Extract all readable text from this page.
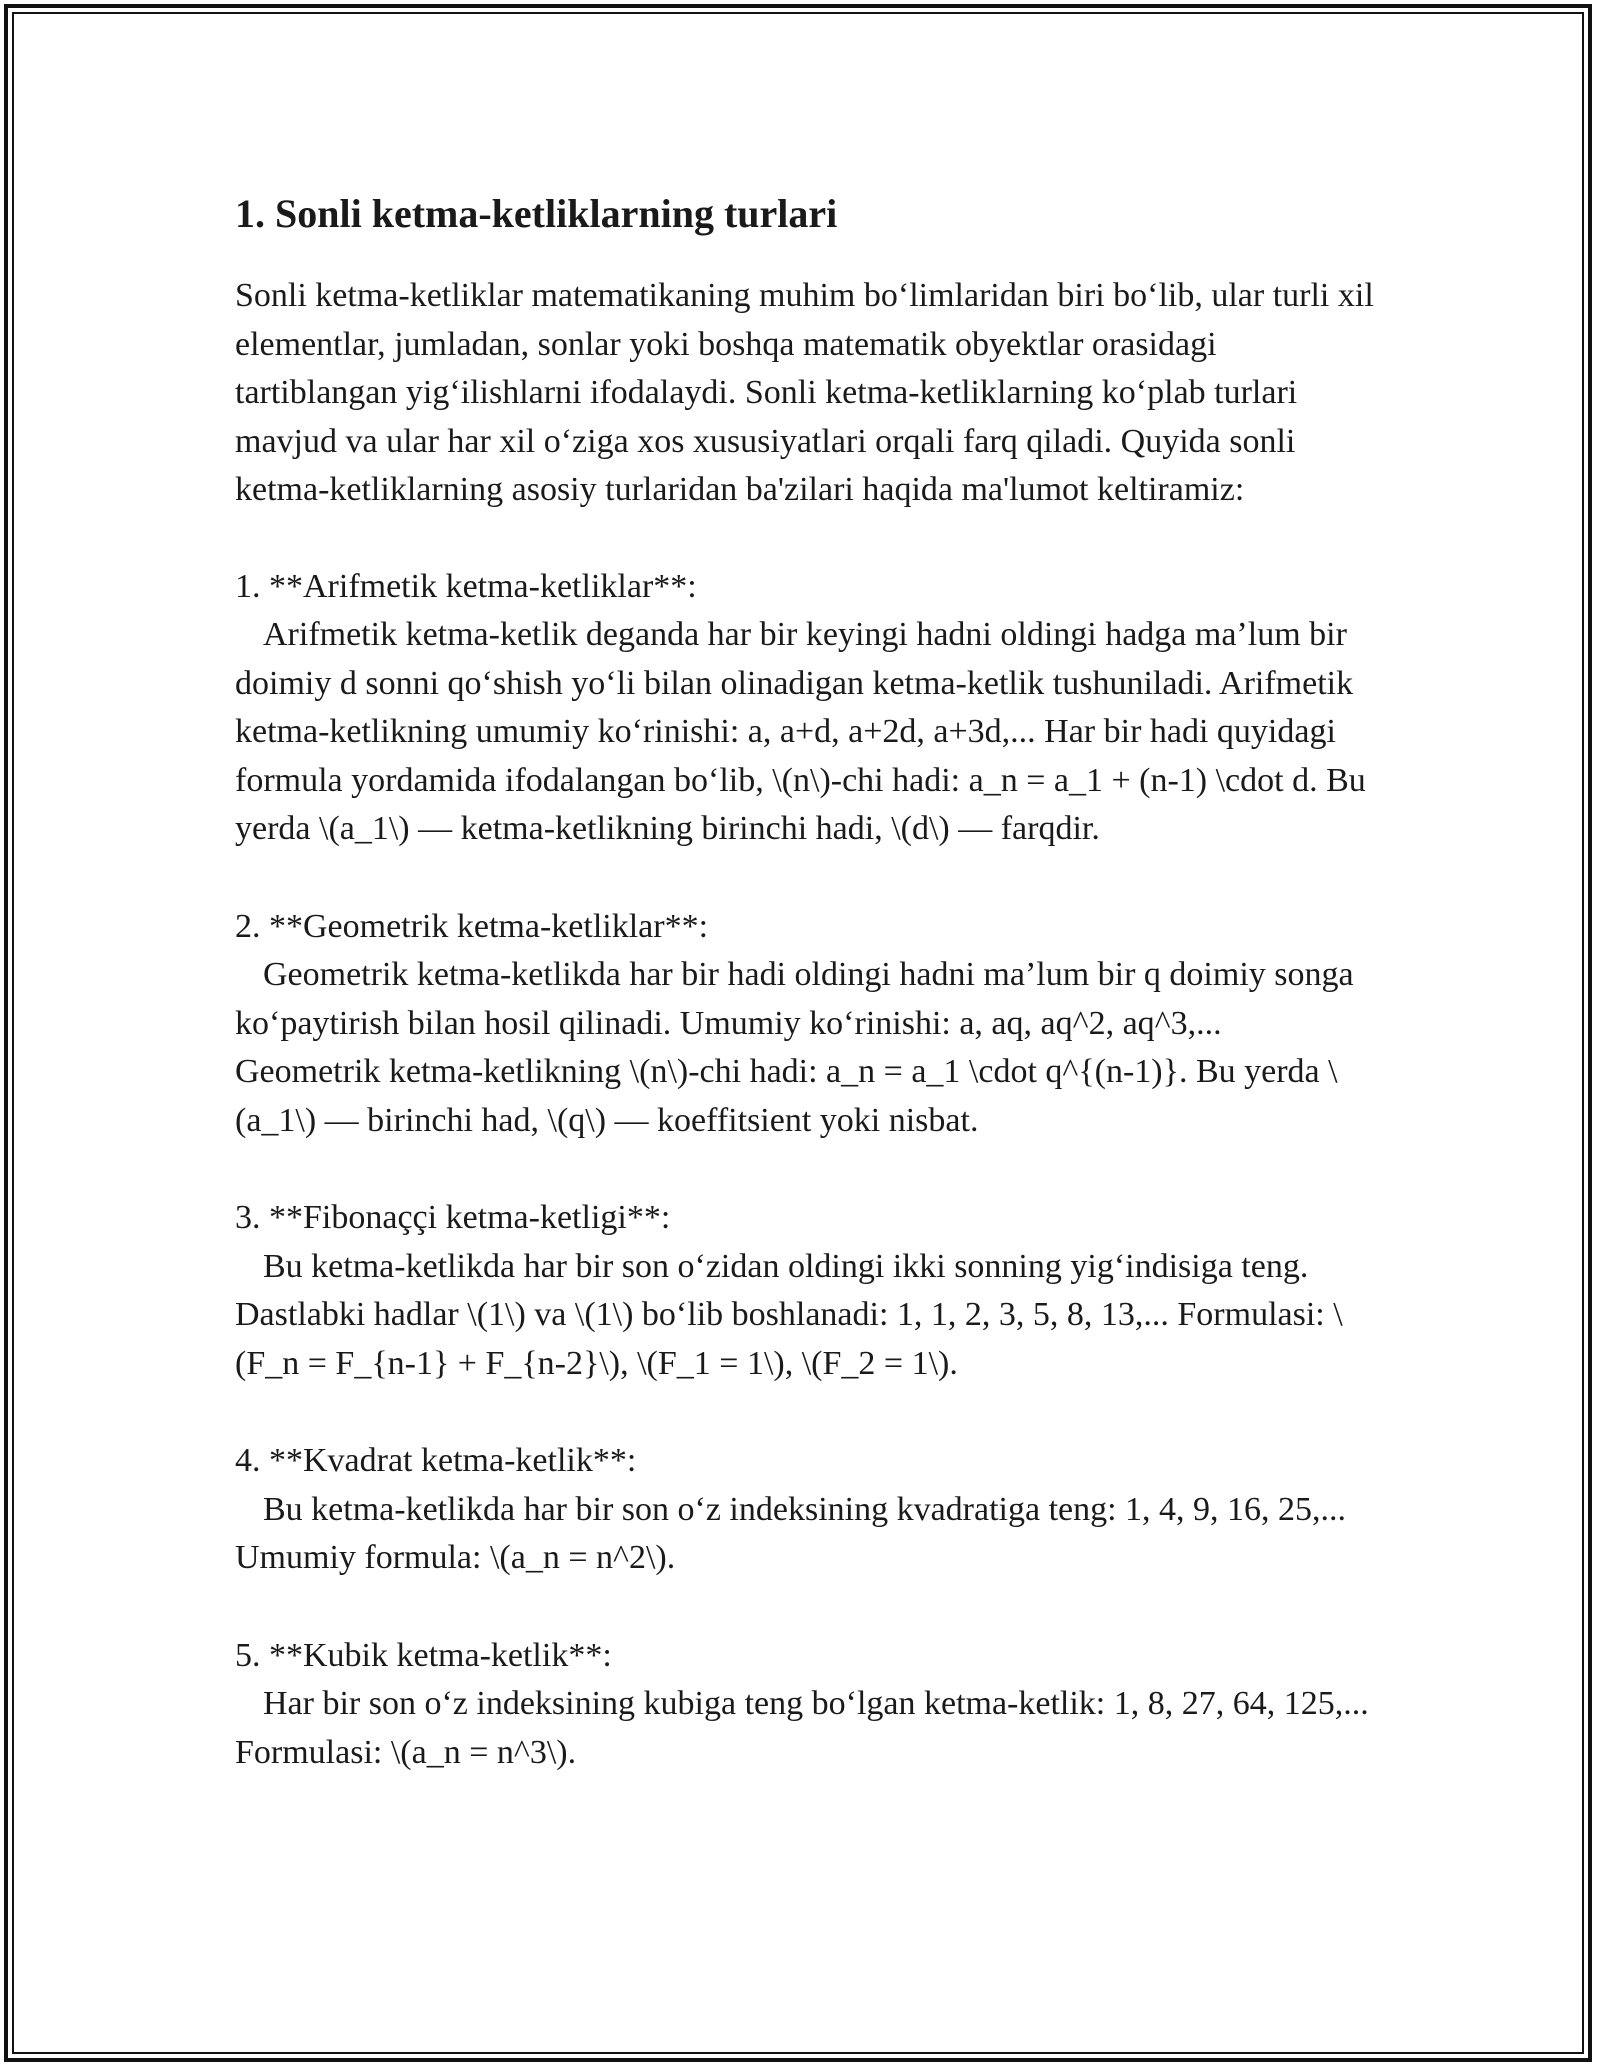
1. Sonli ketma-ketliklarning turlari

Sonli ketma-ketliklar matematikaning muhim bo‘limlaridan biri bo‘lib, ular turli xil elementlar, jumladan, sonlar yoki boshqa matematik obyektlar orasidagi tartiblangan yig‘ilishlarni ifodalaydi. Sonli ketma-ketliklarning ko‘plab turlari mavjud va ular har xil o‘ziga xos xususiyatlari orqali farq qiladi. Quyida sonli ketma-ketliklarning asosiy turlaridan ba'zilari haqida ma'lumot keltiramiz:

1. **Arifmetik ketma-ketliklar**:

Arifmetik ketma-ketlik deganda har bir keyingi hadni oldingi hadga ma’lum bir doimiy d sonni qo‘shish yo‘li bilan olinadigan ketma-ketlik tushuniladi. Arifmetik ketma-ketlikning umumiy ko‘rinishi: a, a+d, a+2d, a+3d,... Har bir hadi quyidagi formula yordamida ifodalangan bo‘lib, \(n\)-chi hadi: a_n = a_1 + (n-1) \cdot d. Bu yerda \(a_1\) — ketma-ketlikning birinchi hadi, \(d\) — farqdir.

2. **Geometrik ketma-ketliklar**:

Geometrik ketma-ketlikda har bir hadi oldingi hadni ma’lum bir q doimiy songa ko‘paytirish bilan hosil qilinadi. Umumiy ko‘rinishi: a, aq, aq^2, aq^3,... Geometrik ketma-ketlikning \(n\)-chi hadi: a_n = a_1 \cdot q^{(n-1)}. Bu yerda \(a_1\) — birinchi had, \(q\) — koeffitsient yoki nisbat.

3. **Fibonaççi ketma-ketligi**:

Bu ketma-ketlikda har bir son o‘zidan oldingi ikki sonning yig‘indisiga teng. Dastlabki hadlar \(1\) va \(1\) bo‘lib boshlanadi: 1, 1, 2, 3, 5, 8, 13,... Formulasi: \(F_n = F_{n-1} + F_{n-2}\), \(F_1 = 1\), \(F_2 = 1\).

4. **Kvadrat ketma-ketlik**:

Bu ketma-ketlikda har bir son o‘z indeksining kvadratiga teng: 1, 4, 9, 16, 25,... Umumiy formula: \(a_n = n^2\).

5. **Kubik ketma-ketlik**:

Har bir son o‘z indeksining kubiga teng bo‘lgan ketma-ketlik: 1, 8, 27, 64, 125,... Formulasi: \(a_n = n^3\).
